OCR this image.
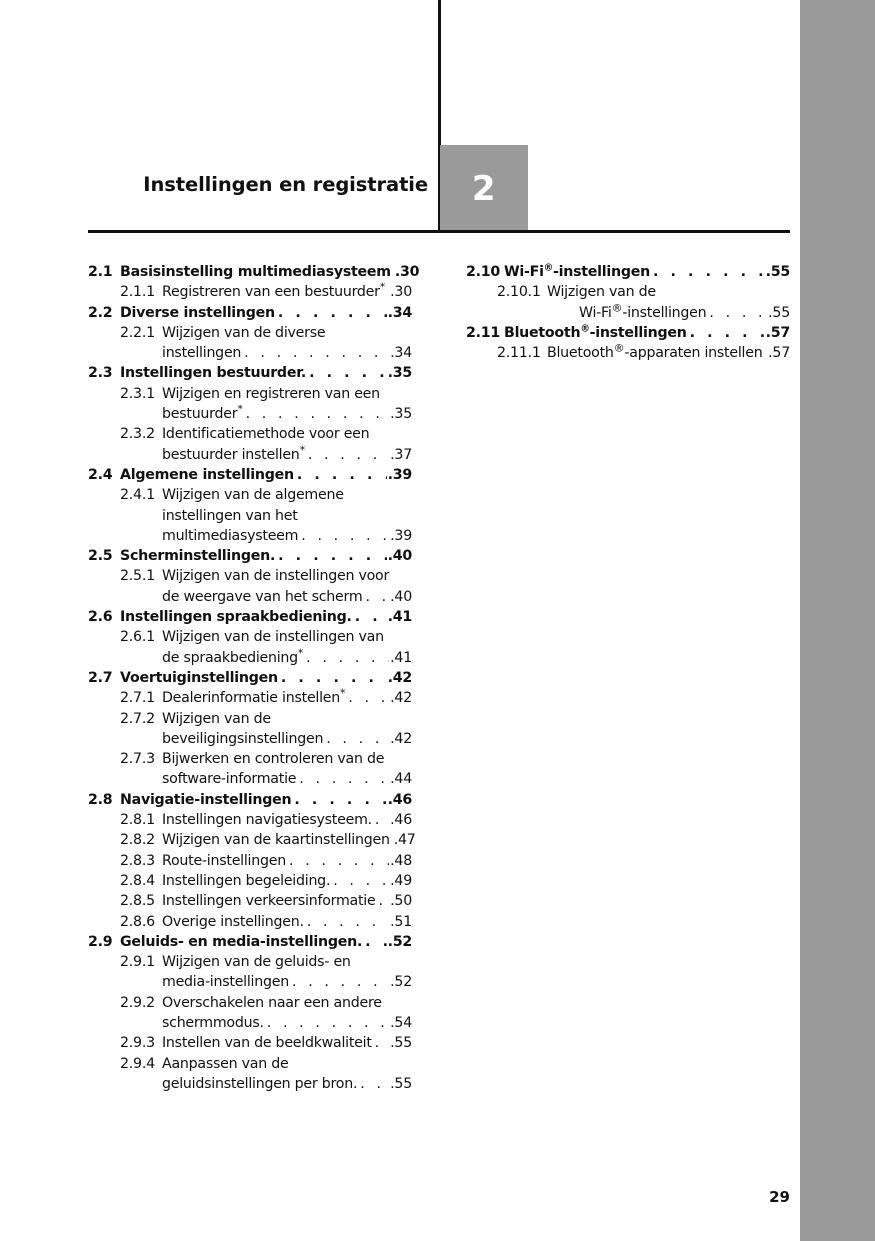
2
Instellingen en registratie
2.1 Basisinstelling multimediasysteem .30
2.1.1 Registreren van een bestuurder* . . . .30
2.2 Diverse instellingen . . .	.34
2.2.1 Wijzigen van de diverse
instellingen . . .	.34
2.3 Instellingen bestuurder. . . .	.35
2.3.1 Wijzigen en registreren van een
bestuurder* . . .	.35
2.3.2 Identificatiemethode voor een
bestuurder instellen* . . .	.37
2.4 Algemene instellingen . . .	.39
2.4.1 Wijzigen van de algemene
instellingen van het
multimediasysteem . . .	.39
2.5 Scherminstellingen. . . .	.40
2.5.1 Wijzigen van de instellingen voor
de weergave van het scherm . . . .40
2.6 Instellingen spraakbediening. . . .	.41
2.6.1 Wijzigen van de instellingen van
de spraakbediening* . . .	.41
2.7 Voertuiginstellingen . . .	.42
2.7.1 Dealerinformatie instellen* . . .	.42
2.7.2 Wijzigen van de
beveiligingsinstellingen . . .	.42
2.7.3 Bijwerken en controleren van de
software-informatie . . .	.44
2.8 Navigatie-instellingen . . .	.46
2.8.1 Instellingen navigatiesysteem. . . . .46
2.8.2 Wijzigen van de kaartinstellingen .47
2.8.3 Route-instellingen . . .	.48
2.8.4 Instellingen begeleiding. . . .	.49
2.8.5 Instellingen verkeersinformatie . . . .50
2.8.6 Overige instellingen. . . .	.51
2.9 Geluids- en media-instellingen. . . . .52
2.9.1 Wijzigen van de geluids- en
media-instellingen . . .	.52
2.9.2 Overschakelen naar een andere
schermmodus. . . .	.54
2.9.3 Instellen van de beeldkwaliteit . . . .55
2.9.4 Aanpassen van de
geluidsinstellingen per bron. . . . .55
2.10 Wi-Fi®-instellingen . . .	.55
2.10.1 Wijzigen van de
Wi-Fi®-instellingen . . .	.55
2.11 Bluetooth®-instellingen . . .	.57
2.11.1 Bluetooth®-apparaten instellen . . . .57
29
